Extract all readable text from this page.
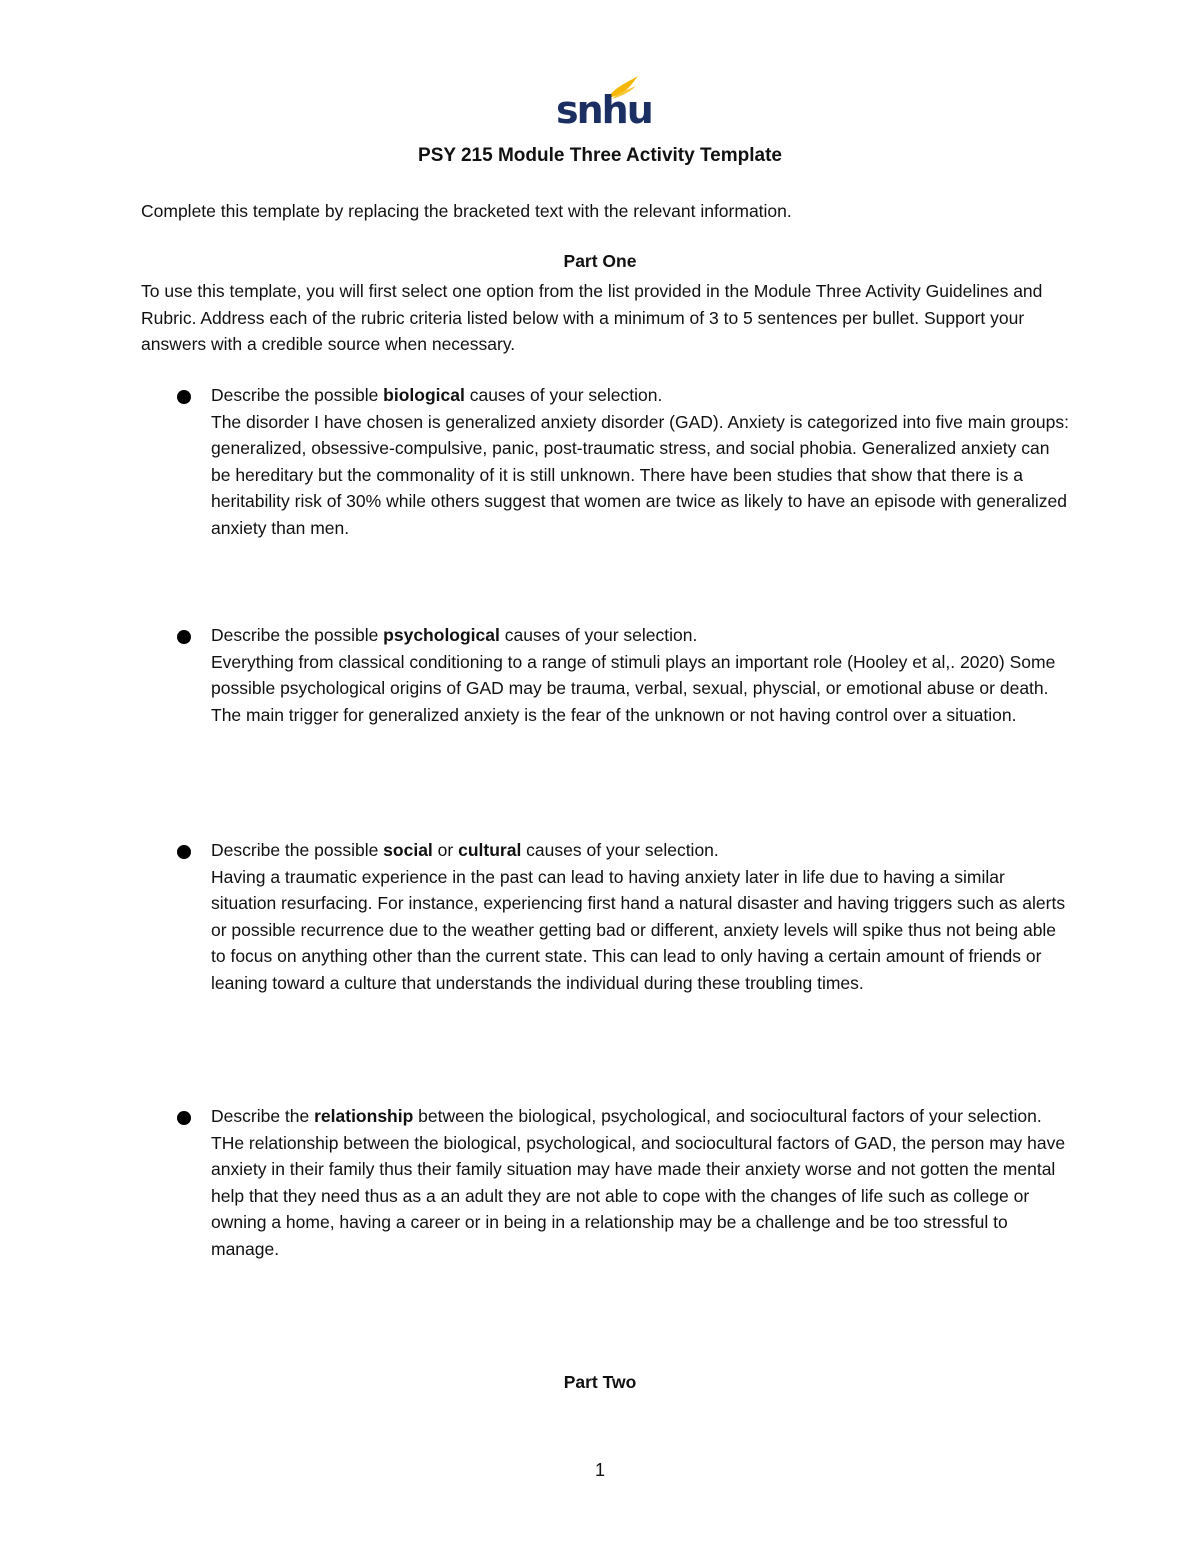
snhu
PSY 215 Module Three Activity Template
Complete this template by replacing the bracketed text with the relevant information.
Part One
To use this template, you will first select one option from the list provided in the Module Three Activity Guidelines and Rubric. Address each of the rubric criteria listed below with a minimum of 3 to 5 sentences per bullet. Support your answers with a credible source when necessary.
Describe the possible biological causes of your selection.
The disorder I have chosen is generalized anxiety disorder (GAD). Anxiety is categorized into five main groups: generalized, obsessive-compulsive, panic, post-traumatic stress, and social phobia. Generalized anxiety can be hereditary but the commonality of it is still unknown. There have been studies that show that there is a heritability risk of 30% while others suggest that women are twice as likely to have an episode with generalized anxiety than men.
Describe the possible psychological causes of your selection.
Everything from classical conditioning to a range of stimuli plays an important role (Hooley et al,. 2020) Some possible psychological origins of GAD may be trauma, verbal, sexual, physcial, or emotional abuse or death. The main trigger for generalized anxiety is the fear of the unknown or not having control over a situation.
Describe the possible social or cultural causes of your selection.
Having a traumatic experience in the past can lead to having anxiety later in life due to having a similar situation resurfacing. For instance, experiencing first hand a natural disaster and having triggers such as alerts or possible recurrence due to the weather getting bad or different, anxiety levels will spike thus not being able to focus on anything other than the current state. This can lead to only having a certain amount of friends or leaning toward a culture that understands the individual during these troubling times.
Describe the relationship between the biological, psychological, and sociocultural factors of your selection.
THe relationship between the biological, psychological, and sociocultural factors of GAD, the person may have anxiety in their family thus their family situation may have made their anxiety worse and not gotten the mental help that they need thus as a an adult they are not able to cope with the changes of life such as college or owning a home, having a career or in being in a relationship may be a challenge and be too stressful to manage.
Part Two
1
